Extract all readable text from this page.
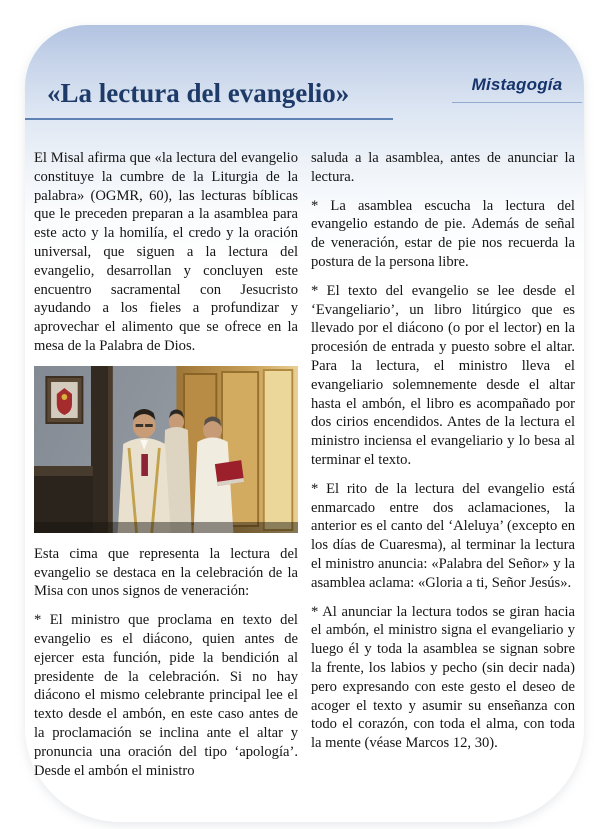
Mistagogía
«La lectura del evangelio»

El Misal afirma que «la lectura del evangelio constituye la cumbre de la Liturgia de la palabra» (OGMR, 60), las lecturas bíblicas que le preceden preparan a la asamblea para este acto y la homilía, el credo y la oración universal, que siguen a la lectura del evangelio, desarrollan y concluyen este encuentro sacramental con Jesucristo ayudando a los fieles a profundizar y aprovechar el alimento que se ofrece en la mesa de la Palabra de Dios.

Esta cima que representa la lectura del evangelio se destaca en la celebración de la Misa con unos signos de veneración:

* El ministro que proclama en texto del evangelio es el diácono, quien antes de ejercer esta función, pide la bendición al presidente de la celebración. Si no hay diácono el mismo celebrante principal lee el texto desde el ambón, en este caso antes de la proclamación se inclina ante el altar y pronuncia una oración del tipo ‘apología’. Desde el ambón el ministro

saluda a la asamblea, antes de anunciar la lectura.

* La asamblea escucha la lectura del evangelio estando de pie. Además de señal de veneración, estar de pie nos recuerda la postura de la persona libre.

* El texto del evangelio se lee desde el ‘Evangeliario’, un libro litúrgico que es llevado por el diácono (o por el lector) en la procesión de entrada y puesto sobre el altar. Para la lectura, el ministro lleva el evangeliario solemnemente desde el altar hasta el ambón, el libro es acompañado por dos cirios encendidos. Antes de la lectura el ministro inciensa el evangeliario y lo besa al terminar el texto.

* El rito de la lectura del evangelio está enmarcado entre dos aclamaciones, la anterior es el canto del ‘Aleluya’ (excepto en los días de Cuaresma), al terminar la lectura el ministro anuncia: «Palabra del Señor» y la asamblea aclama: «Gloria a ti, Señor Jesús».

* Al anunciar la lectura todos se giran hacia el ambón, el ministro signa el evangeliario y luego él y toda la asamblea se signan sobre la frente, los labios y pecho (sin decir nada) pero expresando con este gesto el deseo de acoger el texto y asumir su enseñanza con todo el corazón, con toda el alma, con toda la mente (véase Marcos 12, 30).
